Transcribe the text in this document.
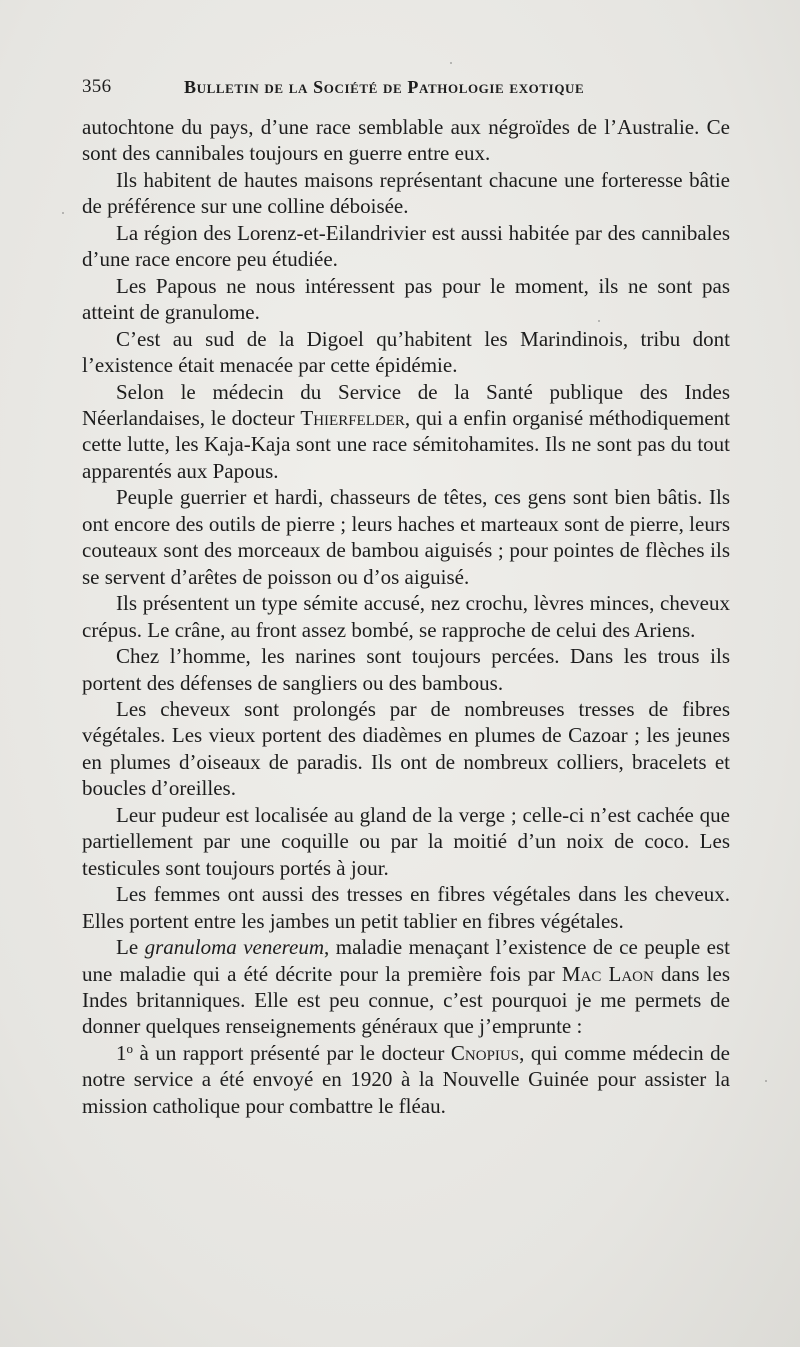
356	Bulletin de la Société de Pathologie exotique

autochtone du pays, d’une race semblable aux négroïdes de l’Australie. Ce sont des cannibales toujours en guerre entre eux.

Ils habitent de hautes maisons représentant chacune une forteresse bâtie de préférence sur une colline déboisée.

La région des Lorenz-et-Eilandrivier est aussi habitée par des cannibales d’une race encore peu étudiée.

Les Papous ne nous intéressent pas pour le moment, ils ne sont pas atteint de granulome.

C’est au sud de la Digoel qu’habitent les Marindinois, tribu dont l’existence était menacée par cette épidémie.

Selon le médecin du Service de la Santé publique des Indes Néerlandaises, le docteur Thierfelder, qui a enfin organisé méthodiquement cette lutte, les Kaja-Kaja sont une race sémitohamites. Ils ne sont pas du tout apparentés aux Papous.

Peuple guerrier et hardi, chasseurs de têtes, ces gens sont bien bâtis. Ils ont encore des outils de pierre ; leurs haches et marteaux sont de pierre, leurs couteaux sont des morceaux de bambou aiguisés ; pour pointes de flèches ils se servent d’arêtes de poisson ou d’os aiguisé.

Ils présentent un type sémite accusé, nez crochu, lèvres minces, cheveux crépus. Le crâne, au front assez bombé, se rapproche de celui des Ariens.

Chez l’homme, les narines sont toujours percées. Dans les trous ils portent des défenses de sangliers ou des bambous.

Les cheveux sont prolongés par de nombreuses tresses de fibres végétales. Les vieux portent des diadèmes en plumes de Cazoar ; les jeunes en plumes d’oiseaux de paradis. Ils ont de nombreux colliers, bracelets et boucles d’oreilles.

Leur pudeur est localisée au gland de la verge ; celle-ci n’est cachée que partiellement par une coquille ou par la moitié d’un noix de coco. Les testicules sont toujours portés à jour.

Les femmes ont aussi des tresses en fibres végétales dans les cheveux. Elles portent entre les jambes un petit tablier en fibres végétales.

Le granuloma venereum, maladie menaçant l’existence de ce peuple est une maladie qui a été décrite pour la première fois par Mac Laon dans les Indes britanniques. Elle est peu connue, c’est pourquoi je me permets de donner quelques renseignements généraux que j’emprunte :

1$^o$ à un rapport présenté par le docteur Cnopius, qui comme médecin de notre service a été envoyé en 1920 à la Nouvelle Guinée pour assister la mission catholique pour combattre le fléau.
